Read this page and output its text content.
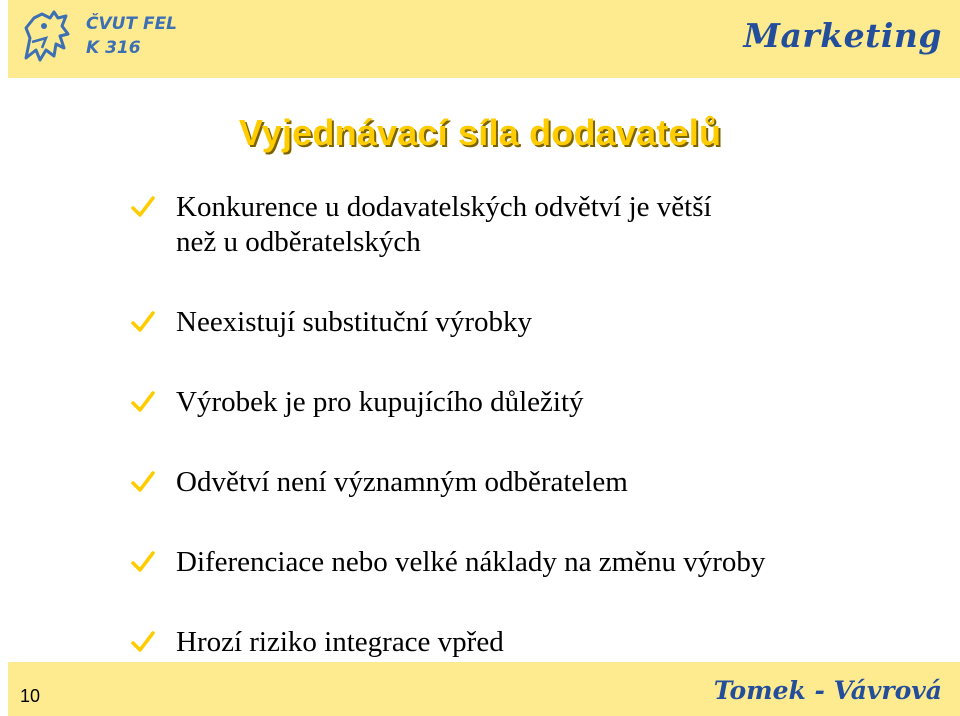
ČVUT FEL
K 316	Marketing
Vyjednávací síla dodavatelů
Konkurence u dodavatelských odvětví je větší
než u odběratelských
Neexistují substituční výrobky
Výrobek je pro kupujícího důležitý
Odvětví není významným odběratelem
Diferenciace nebo velké náklady na změnu výroby
Hrozí riziko integrace vpřed
10	Tomek - Vávrová
